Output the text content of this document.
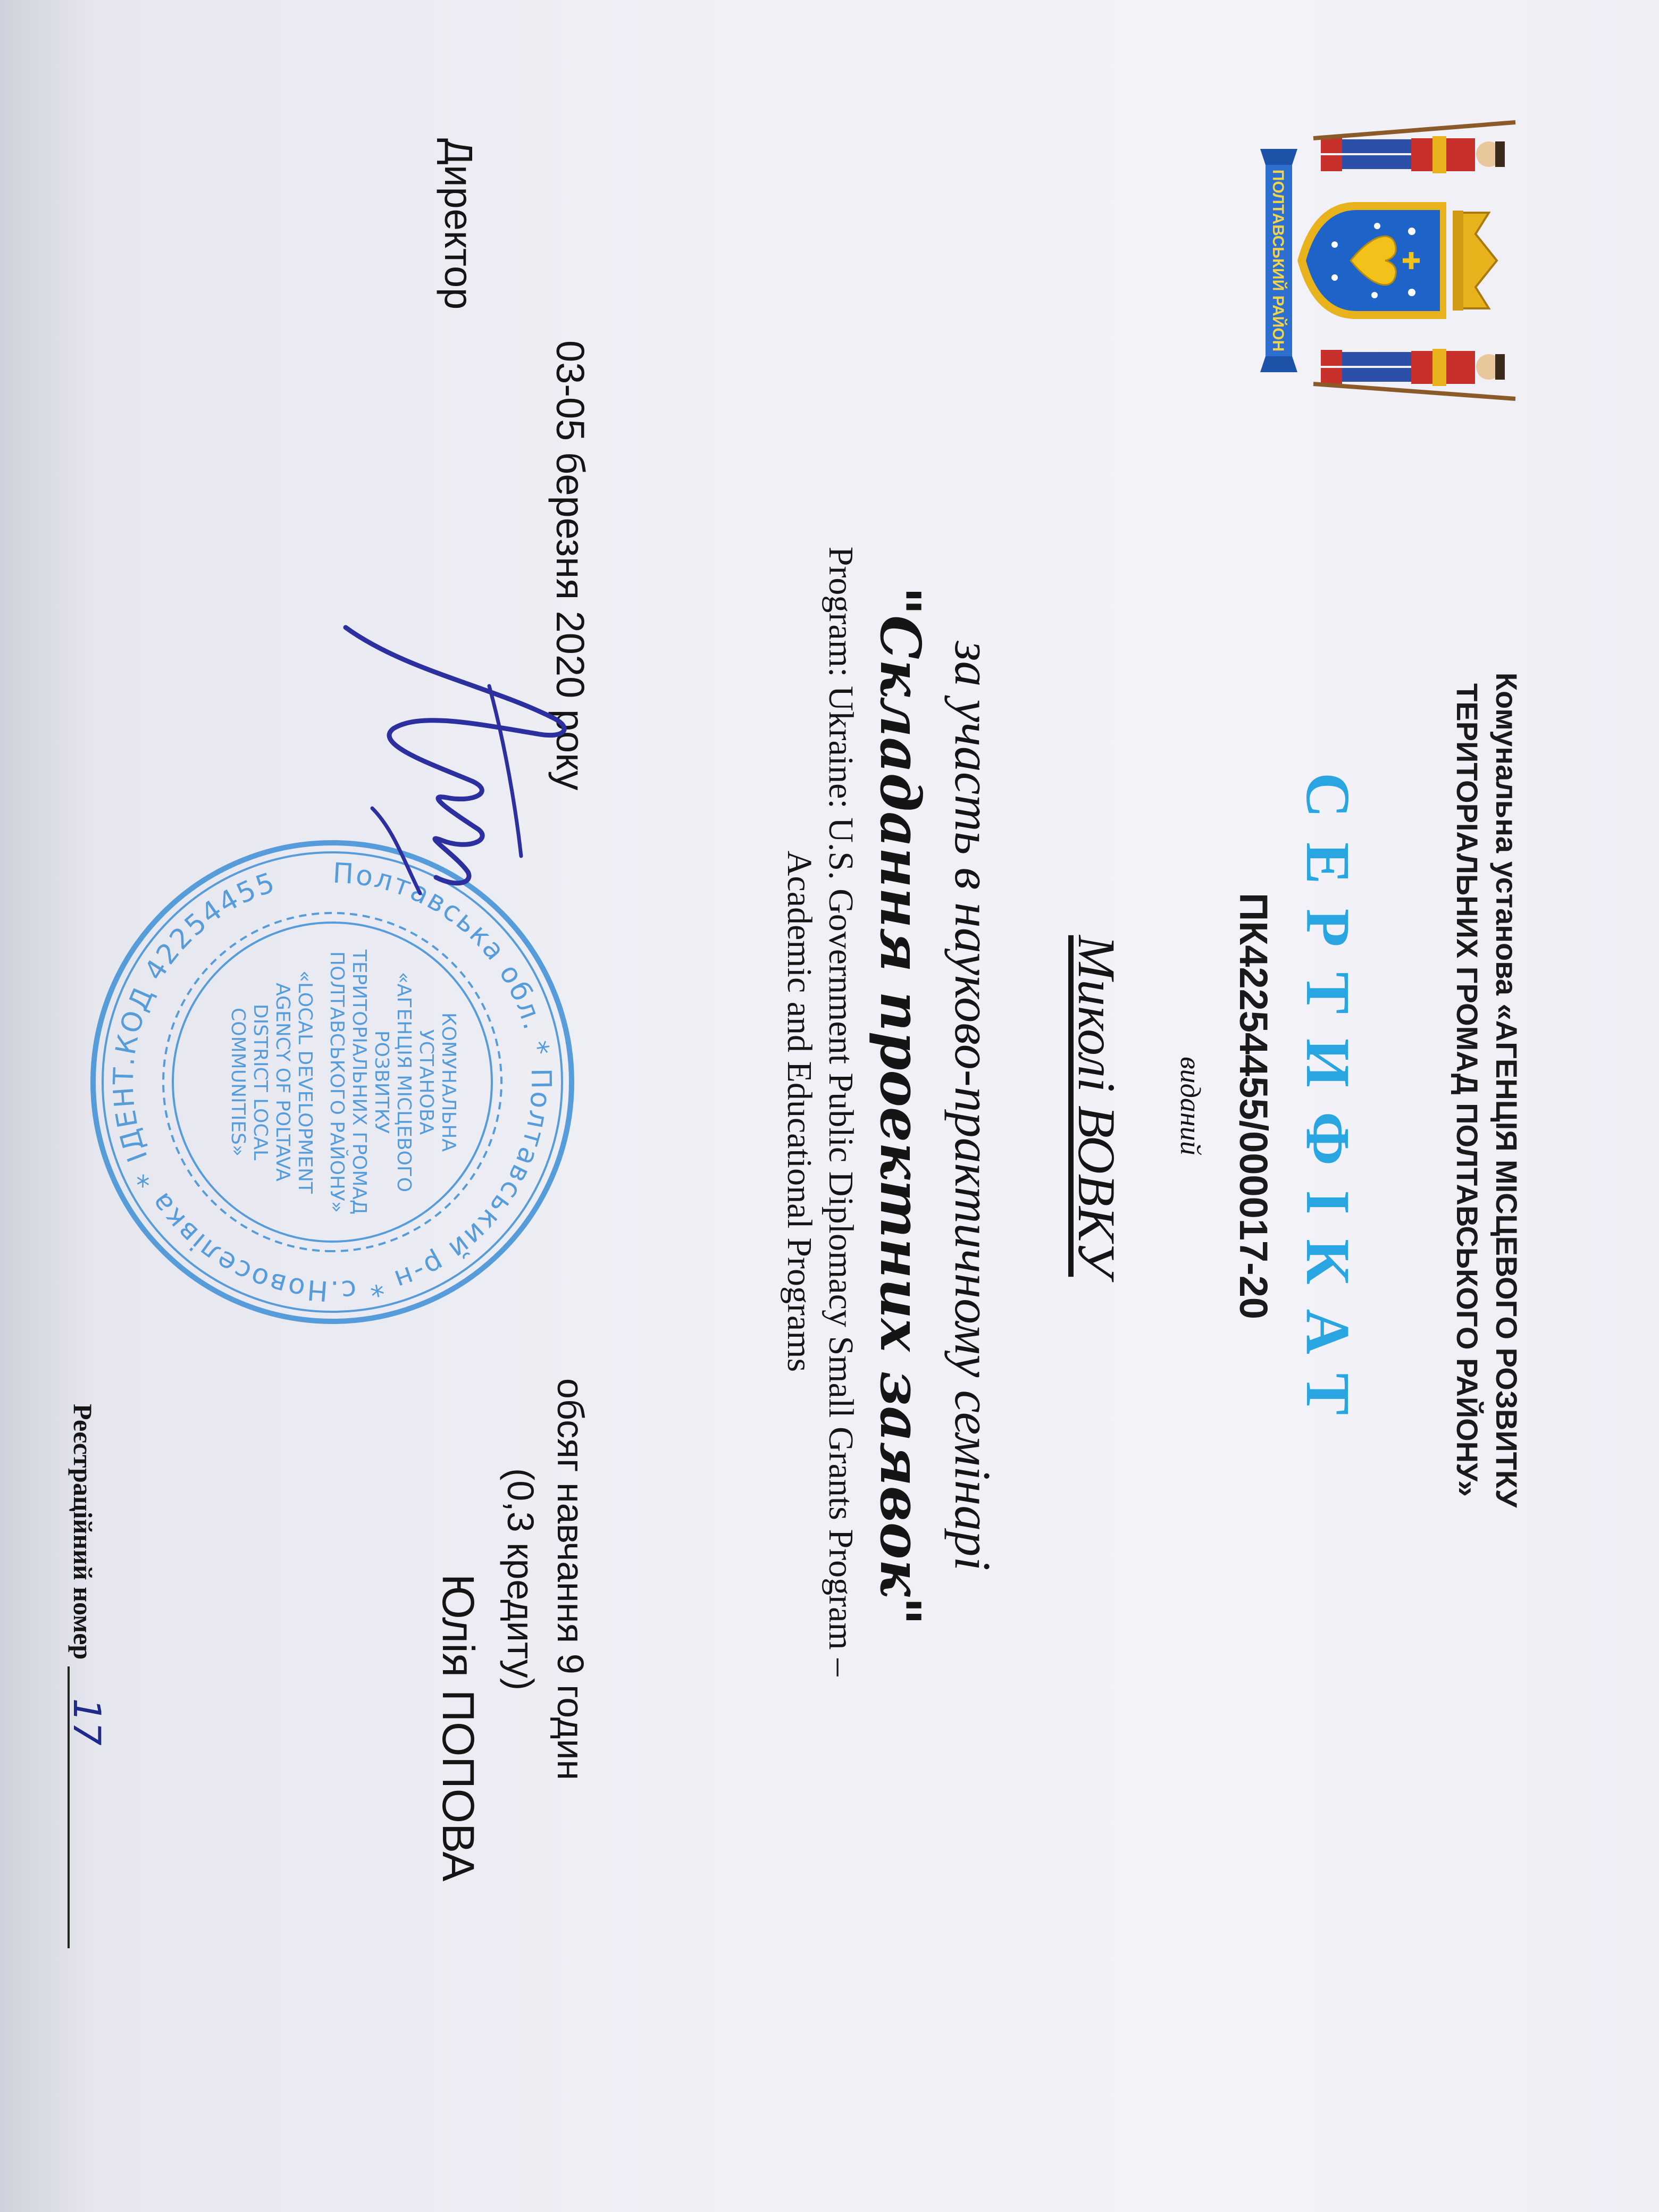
✚
ПОЛТАВСЬКИЙ РАЙОН
Комунальна установа «АГЕНЦІЯ МІСЦЕВОГО РОЗВИТКУ
ТЕРИТОРІАЛЬНИХ ГРОМАД ПОЛТАВСЬКОГО РАЙОНУ»
СЕРТИФІКАТ
ПК42254455/000017-20
виданий
Миколі ВОВКУ
за участь в науково-практичному семінарі
"Складання проектних заявок"
Program: Ukraine: U.S. Government Public Diplomacy Small Grants Program –
Academic and Educational Programs
обсяг навчання 9 годин
(0,3 кредиту)
03-05 березня 2020 року
Полтавська обл. * Полтавський р-н * с.Новоселівка * ІДЕНТ.КОД 42254455
КОМУНАЛЬНА
УСТАНОВА
«АГЕНЦІЯ МІСЦЕВОГО
РОЗВИТКУ
ТЕРИТОРІАЛЬНИХ ГРОМАД
ПОЛТАВСЬКОГО РАЙОНУ»
«LOCAL DEVELOPMENT
AGENCY OF POLTAVA
DISTRICT LOCAL
COMMUNITIES»
Директор
Юлія ПОПОВА
Реєстраційний номер 17
